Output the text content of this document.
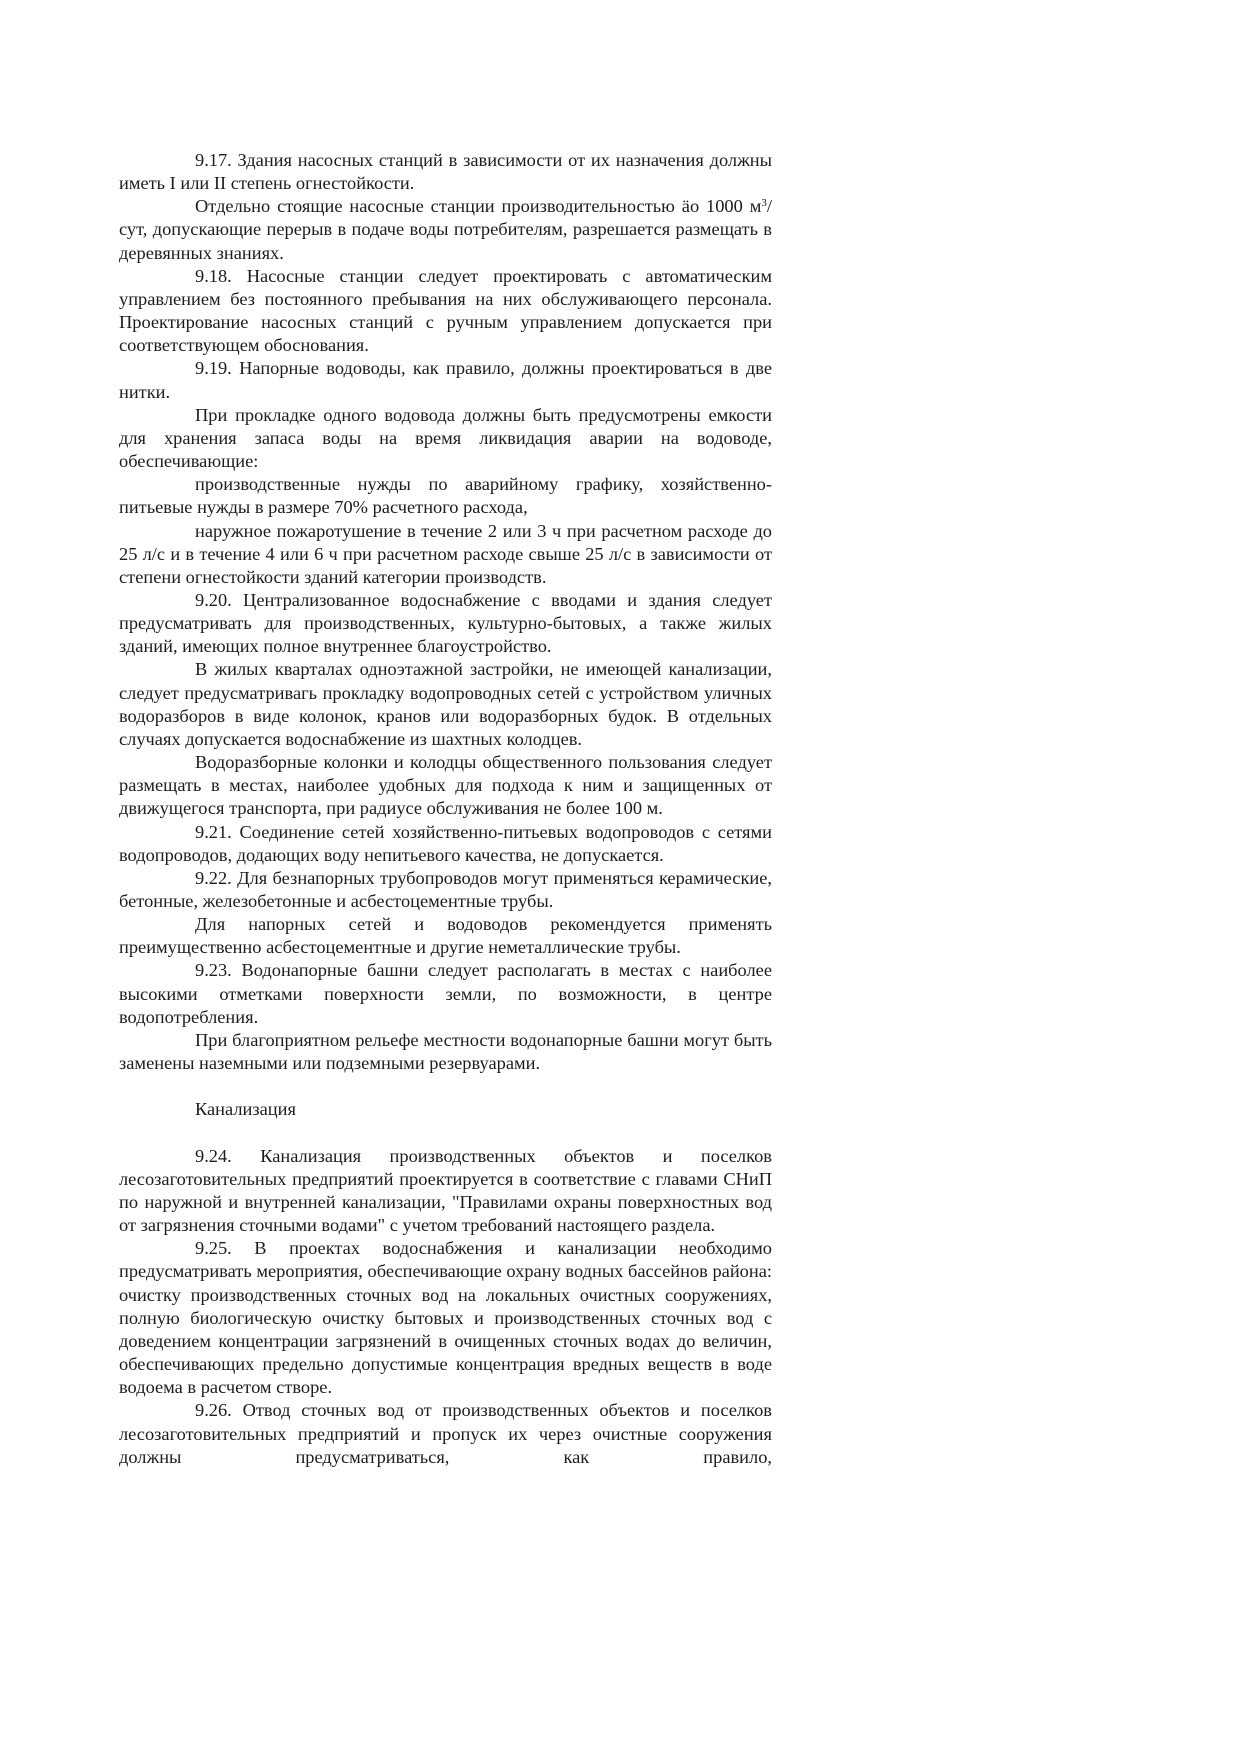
9.17. Здания насосных станций в зависимости от их назначения должны иметь I или II степень огнестойкости.

Отдельно стоящие насосные станции производительностью äо 1000 $м^3$/сут, допускающие перерыв в подаче воды потребителям, разрешается размещать в деревянных знаниях.

9.18. Насосные станции следует проектировать с автоматическим управлением без постоянного пребывания на них обслуживающего персонала. Проектирование насосных станций с ручным управлением допускается при соответствующем обоснования.

9.19. Напорные водоводы, как правило, должны проектироваться в две нитки.

При прокладке одного водовода должны быть предусмотрены емкости для хранения запаса воды на время ликвидация аварии на водоводе, обеспечивающие:

производственные нужды по аварийному графику, хозяйственно-питьевые нужды в размере 70% расчетного расхода,

наружное пожаротушение в течение 2 или 3 ч при расчетном расходе до 25 л/с и в течение 4 или 6 ч при расчетном расходе свыше 25 л/с в зависимости от степени огнестойкости зданий категории производств.

9.20. Централизованное водоснабжение с вводами и здания следует предусматривать для производственных, культурно-бытовых, а также жилых зданий, имеющих полное внутреннее благоустройство.

В жилых кварталах одноэтажной застройки, не имеющей канализации, следует предусматривагь прокладку водопроводных сетей с устройством уличных водоразборов в виде колонок, кранов или водоразборных будок. В отдельных случаях допускается водоснабжение из шахтных колодцев.

Водоразборные колонки и колодцы общественного пользования следует размещать в местах, наиболее удобных для подхода к ним и защищенных от движущегося транспорта, при радиусе обслуживания не более 100 м.

9.21. Соединение сетей хозяйственно-питьевых водопроводов с сетями водопроводов, додающих воду непитьевого качества, не допускается.

9.22. Для безнапорных трубопроводов могут применяться керамические, бетонные, железобетонные и асбестоцементные трубы.

Для напорных сетей и водоводов рекомендуется применять преимущественно асбестоцементные и другие неметаллические трубы.

9.23. Водонапорные башни следует располагать в местах с наиболее высокими отметками поверхности земли, по возможности, в центре водопотребления.

При благоприятном рельефе местности водонапорные башни могут быть заменены наземными или подземными резервуарами.

Канализация

9.24. Канализация производственных объектов и поселков лесозаготовительных предприятий проектируется в соответствие с главами СНиП по наружной и внутренней канализации, "Правилами охраны поверхностных вод от загрязнения сточными водами" с учетом требований настоящего раздела.

9.25. В проектах водоснабжения и канализации необходимо предусматривать мероприятия, обеспечивающие охрану водных бассейнов района: очистку производственных сточных вод на локальных очистных сооружениях, полную биологическую очистку бытовых и производственных сточных вод с доведением концентрации загрязнений в очищенных сточных водах до величин, обеспечивающих предельно допустимые концентрация вредных веществ в воде водоема в расчетом створе.

9.26. Отвод сточных вод от производственных объектов и поселков лесозаготовительных предприятий и пропуск их через очистные сооружения должны предусматриваться, как правило,
